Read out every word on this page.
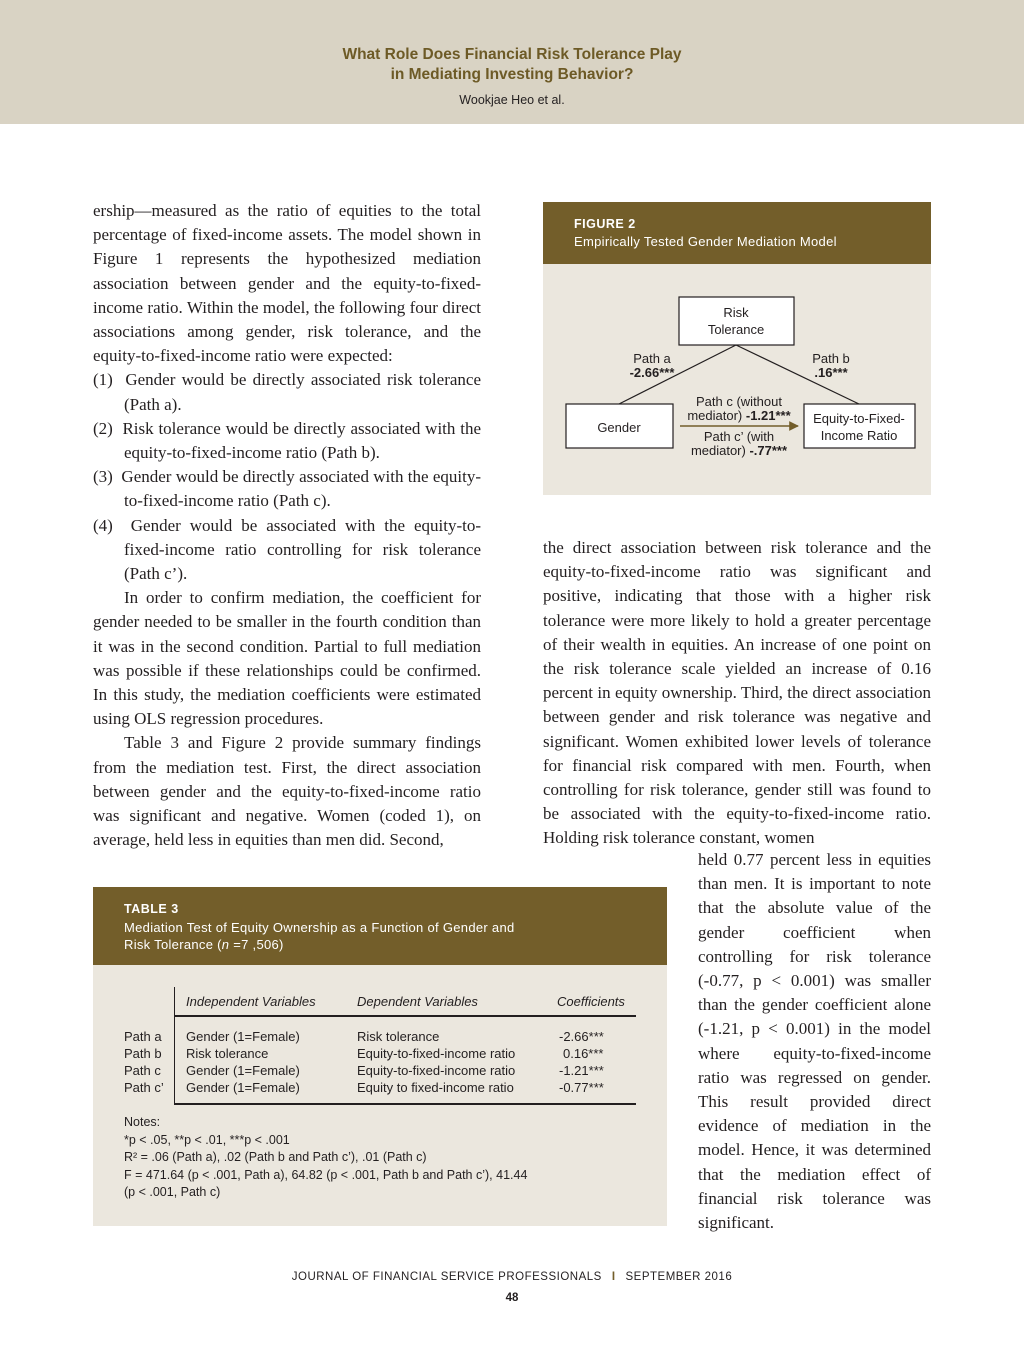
What Role Does Financial Risk Tolerance Play
in Mediating Investing Behavior?
Wookjae Heo et al.

ership—measured as the ratio of equities to the total percentage of fixed-income assets. The model shown in Figure 1 represents the hypothesized mediation association between gender and the equity-to-fixed-income ratio. Within the model, the following four direct associations among gender, risk tolerance, and the equity-to-fixed-income ratio were expected:

(1)  Gender would be directly associated risk tolerance (Path a).

(2)  Risk tolerance would be directly associated with the equity-to-fixed-income ratio (Path b).

(3)  Gender would be directly associated with the equity-to-fixed-income ratio (Path c).

(4)  Gender would be associated with the equity-to-fixed-income ratio controlling for risk tolerance (Path c’).

In order to confirm mediation, the coefficient for gender needed to be smaller in the fourth condition than it was in the second condition. Partial to full mediation was possible if these relationships could be confirmed. In this study, the mediation coefficients were estimated using OLS regression procedures.

Table 3 and Figure 2 provide summary findings from the mediation test. First, the direct association between gender and the equity-to-fixed-income ratio was significant and negative. Women (coded 1), on average, held less in equities than men did. Second,

FIGURE 2
Empirically Tested Gender Mediation Model
Risk
Tolerance
Gender
Equity-to-Fixed-
Income Ratio
Path a
-2.66***
Path b
.16***
Path c (without
mediator) -1.21***
Path c’ (with
mediator) -.77***

the direct association between risk tolerance and the equity-to-fixed-income ratio was significant and positive, indicating that those with a higher risk tolerance were more likely to hold a greater percentage of their wealth in equities. An increase of one point on the risk tolerance scale yielded an increase of 0.16 percent in equity ownership. Third, the direct association between gender and risk tolerance was negative and significant. Women exhibited lower levels of tolerance for financial risk compared with men. Fourth, when controlling for risk tolerance, gender still was found to be associated with the equity-to-fixed-income ratio. Holding risk tolerance constant, women

held 0.77 percent less in equities than men. It is important to note that the absolute value of the gender coefficient when controlling for risk tolerance (-0.77, p < 0.001) was smaller than the gender coefficient alone (-1.21, p < 0.001) in the model where equity-to-fixed-income ratio was regressed on gender. This result provided direct evidence of mediation in the model. Hence, it was determined that the mediation effect of financial risk tolerance was significant.

TABLE 3
Mediation Test of Equity Ownership as a Function of Gender and
Risk Tolerance (n =7 ,506)
Independent Variables	Dependent Variables	Coefficients
Path a Gender (1=Female)	Risk tolerance	-2.66***
Path b Risk tolerance	Equity-to-fixed-income ratio	0.16***
Path c Gender (1=Female)	Equity-to-fixed-income ratio	-1.21***
Path c’ Gender (1=Female)	Equity to fixed-income ratio	-0.77***
Notes:
*p < .05, **p < .01, ***p < .001
R² = .06 (Path a), .02 (Path b and Path c’), .01 (Path c)
F = 471.64 (p < .001, Path a), 64.82 (p < .001, Path b and Path c’), 41.44
(p < .001, Path c)
JOURNAL OF FINANCIAL SERVICE PROFESSIONALS I SEPTEMBER 2016
48
